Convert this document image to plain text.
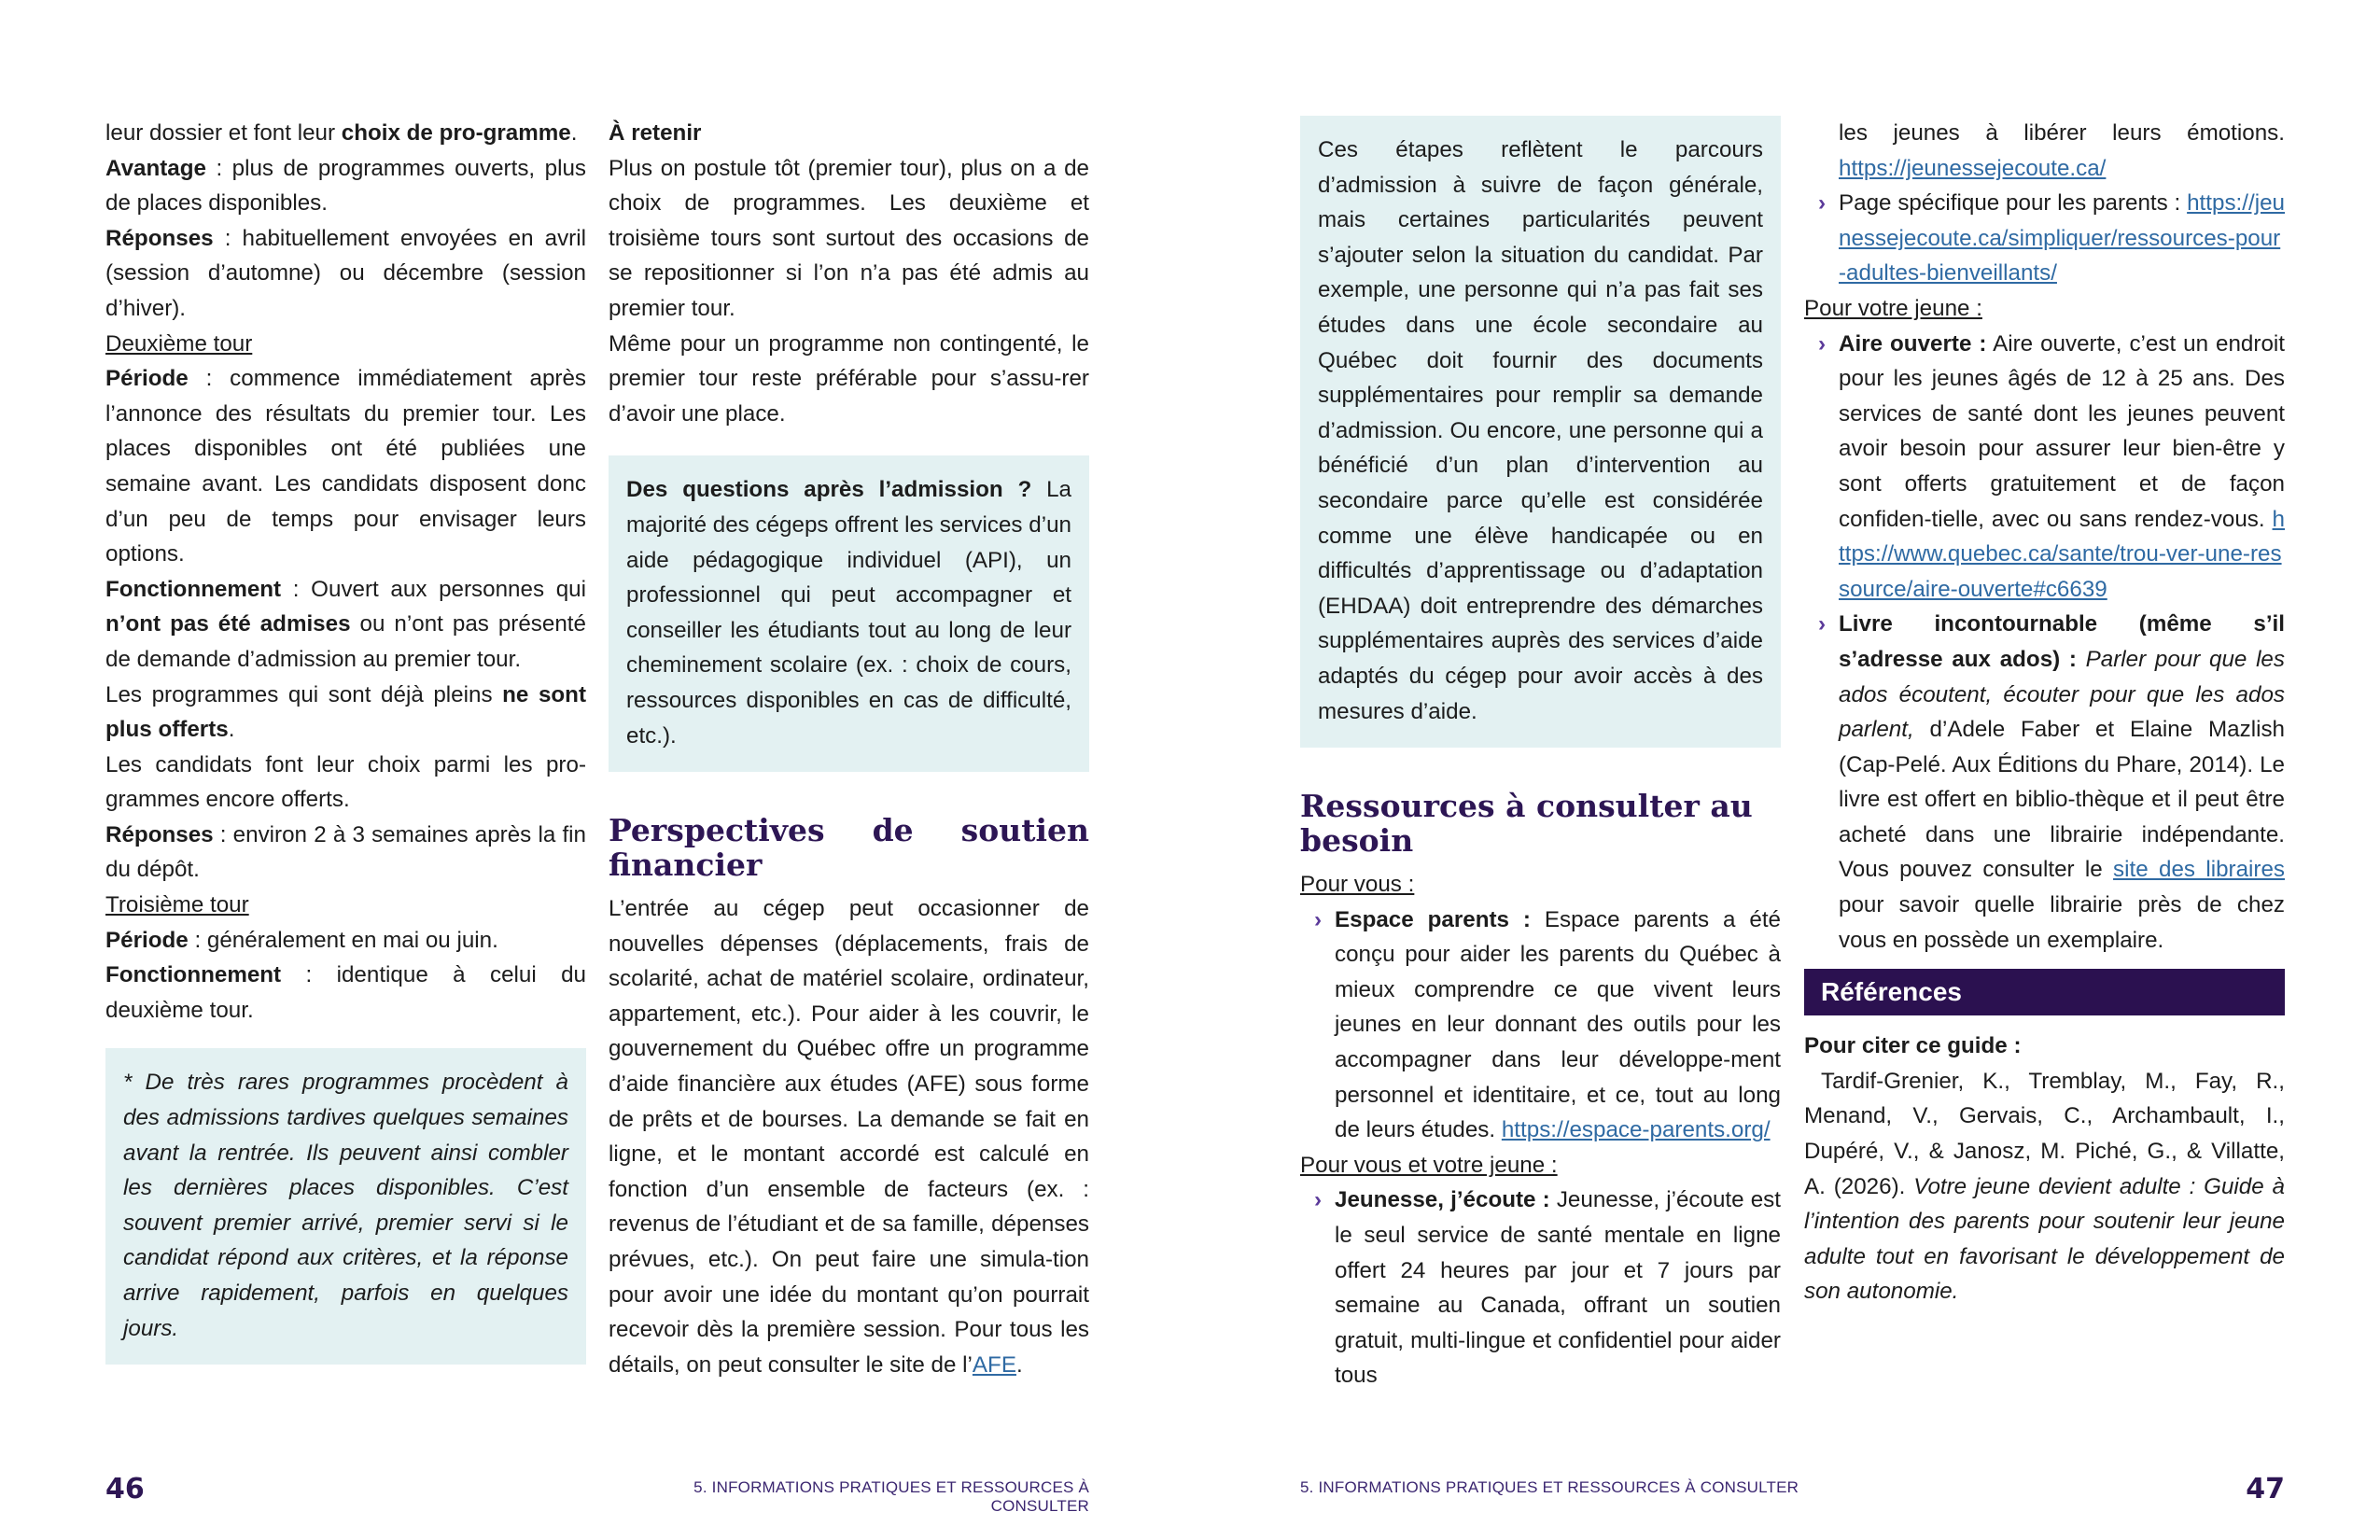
leur dossier et font leur choix de pro-gramme.

Avantage : plus de programmes ouverts, plus de places disponibles.

Réponses : habituellement envoyées en avril (session d’automne) ou décembre (session d’hiver).

Deuxième tour

Période : commence immédiatement après l’annonce des résultats du premier tour. Les places disponibles ont été publiées une semaine avant. Les candidats disposent donc d’un peu de temps pour envisager leurs options.

Fonctionnement : Ouvert aux personnes qui n’ont pas été admises ou n’ont pas présenté de demande d’admission au premier tour.

Les programmes qui sont déjà pleins ne sont plus offerts.

Les candidats font leur choix parmi les pro-grammes encore offerts.

Réponses : environ 2 à 3 semaines après la fin du dépôt.

Troisième tour

Période : généralement en mai ou juin.

Fonctionnement : identique à celui du deuxième tour.

* De très rares programmes procèdent à des admissions tardives quelques semaines avant la rentrée. Ils peuvent ainsi combler les dernières places disponibles. C’est souvent premier arrivé, premier servi si le candidat répond aux critères, et la réponse arrive rapidement, parfois en quelques jours.

À retenir

Plus on postule tôt (premier tour), plus on a de choix de programmes. Les deuxième et troisième tours sont surtout des occasions de se repositionner si l’on n’a pas été admis au premier tour.

Même pour un programme non contingenté, le premier tour reste préférable pour s’assu-rer d’avoir une place.

Des questions après l’admission ? La majorité des cégeps offrent les services d’un aide pédagogique individuel (API), un professionnel qui peut accompagner et conseiller les étudiants tout au long de leur cheminement scolaire (ex. : choix de cours, ressources disponibles en cas de difficulté, etc.).
Perspectives de soutien financier

L’entrée au cégep peut occasionner de nouvelles dépenses (déplacements, frais de scolarité, achat de matériel scolaire, ordinateur, appartement, etc.). Pour aider à les couvrir, le gouvernement du Québec offre un programme d’aide financière aux études (AFE) sous forme de prêts et de bourses. La demande se fait en ligne, et le montant accordé est calculé en fonction d’un ensemble de facteurs (ex. : revenus de l’étudiant et de sa famille, dépenses prévues, etc.). On peut faire une simula-tion pour avoir une idée du montant qu’on pourrait recevoir dès la première session. Pour tous les détails, on peut consulter le site de l’AFE.

Ces étapes reflètent le parcours d’admission à suivre de façon générale, mais certaines particularités peuvent s’ajouter selon la situation du candidat. Par exemple, une personne qui n’a pas fait ses études dans une école secondaire au Québec doit fournir des documents supplémentaires pour remplir sa demande d’admission. Ou encore, une personne qui a bénéficié d’un plan d’intervention au secondaire parce qu’elle est considérée comme une élève handicapée ou en difficultés d’apprentissage ou d’adaptation (EHDAA) doit entreprendre des démarches supplémentaires auprès des services d’aide adaptés du cégep pour avoir accès à des mesures d’aide.
Ressources à consulter au besoin

Pour vous :

› Espace parents : Espace parents a été conçu pour aider les parents du Québec à mieux comprendre ce que vivent leurs jeunes en leur donnant des outils pour les accompagner dans leur développe-ment personnel et identitaire, et ce, tout au long de leurs études. https://espace-parents.org/

Pour vous et votre jeune :

› Jeunesse, j’écoute : Jeunesse, j’écoute est le seul service de santé mentale en ligne offert 24 heures par jour et 7 jours par semaine au Canada, offrant un soutien gratuit, multi-lingue et confidentiel pour aider tous
les jeunes à libérer leurs émotions. https://jeunessejecoute.ca/
› Page spécifique pour les parents : https://jeunessejecoute.ca/simpliquer/ressources-pour-adultes-bienveillants/

Pour votre jeune :

› Aire ouverte : Aire ouverte, c’est un endroit pour les jeunes âgés de 12 à 25 ans. Des services de santé dont les jeunes peuvent avoir besoin pour assurer leur bien-être y sont offerts gratuitement et de façon confiden-tielle, avec ou sans rendez-vous. https://www.quebec.ca/sante/trou-ver-une-ressource/aire-ouverte#c6639
› Livre incontournable (même s’il s’adresse aux ados) : Parler pour que les ados écoutent, écouter pour que les ados parlent, d’Adele Faber et Elaine Mazlish (Cap-Pelé. Aux Éditions du Phare, 2014). Le livre est offert en biblio-thèque et il peut être acheté dans une librairie indépendante. Vous pouvez consulter le site des libraires pour savoir quelle librairie près de chez vous en possède un exemplaire.
Références

Pour citer ce guide :

Tardif-Grenier, K., Tremblay, M., Fay, R., Menand, V., Gervais, C., Archambault, I., Dupéré, V., & Janosz, M. Piché, G., & Villatte, A. (2026). Votre jeune devient adulte : Guide à l’intention des parents pour soutenir leur jeune adulte tout en favorisant le développement de son autonomie.

46	5. INFORMATIONS PRATIQUES ET RESSOURCES À CONSULTER
5. INFORMATIONS PRATIQUES ET RESSOURCES À CONSULTER	47
